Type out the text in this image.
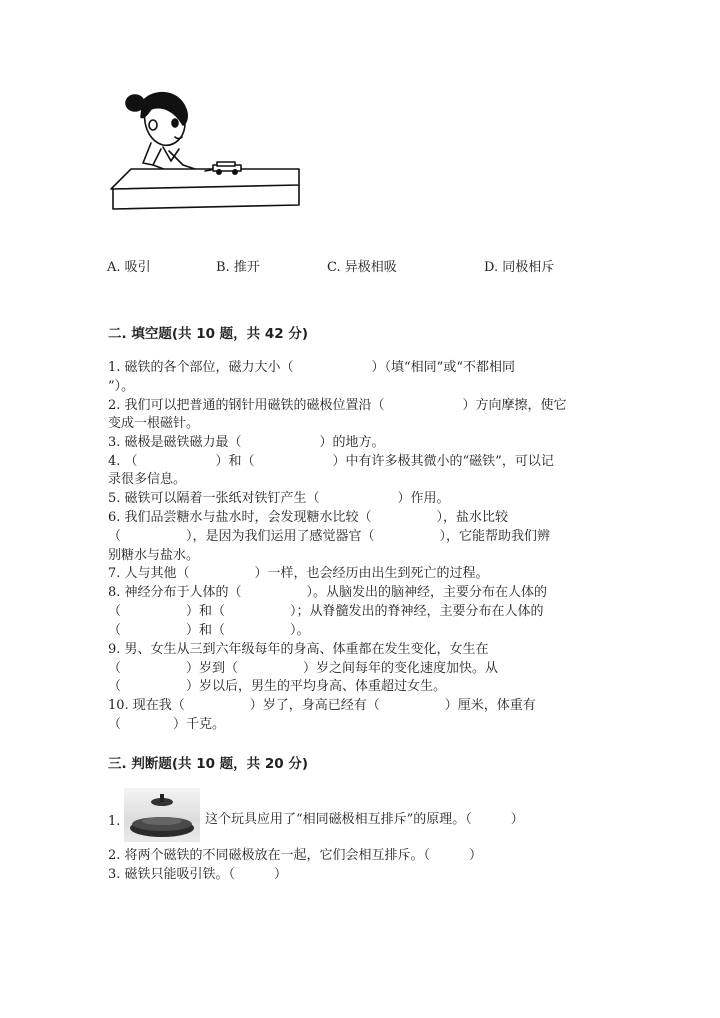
A. 吸引	B. 推开	C. 异极相吸	D. 同极相斥
二. 填空题(共 10 题，共 42 分)
1. 磁铁的各个部位，磁力大小（　　　　　　）（填“相同”或“不都相同
”）。
2. 我们可以把普通的钢针用磁铁的磁极位置沿（　　　　　　）方向摩擦，使它
变成一根磁针。
3. 磁极是磁铁磁力最（　　　　　　）的地方。
4. （　　　　　　）和（　　　　　　）中有许多极其微小的“磁铁”，可以记
录很多信息。
5. 磁铁可以隔着一张纸对铁钉产生（　　　　　　）作用。
6. 我们品尝糖水与盐水时，会发现糖水比较（　　　　　），盐水比较
（　　　　　），是因为我们运用了感觉器官（　　　　　），它能帮助我们辨
别糖水与盐水。
7. 人与其他（　　　　　）一样，也会经历由出生到死亡的过程。
8. 神经分布于人体的（　　　　　）。从脑发出的脑神经，主要分布在人体的
（　　　　　）和（　　　　　）；从脊髓发出的脊神经，主要分布在人体的
（　　　　　）和（　　　　　）。
9. 男、女生从三到六年级每年的身高、体重都在发生变化，女生在
（　　　　　）岁到（　　　　　）岁之间每年的变化速度加快。从
（　　　　　）岁以后，男生的平均身高、体重超过女生。
10. 现在我（　　　　　）岁了，身高已经有（　　　　　）厘米，体重有
（　　　　）千克。
三. 判断题(共 10 题，共 20 分)
1.	这个玩具应用了“相同磁极相互排斥”的原理。（　　　）
2. 将两个磁铁的不同磁极放在一起，它们会相互排斥。（　　　）
3. 磁铁只能吸引铁。（　　　）
